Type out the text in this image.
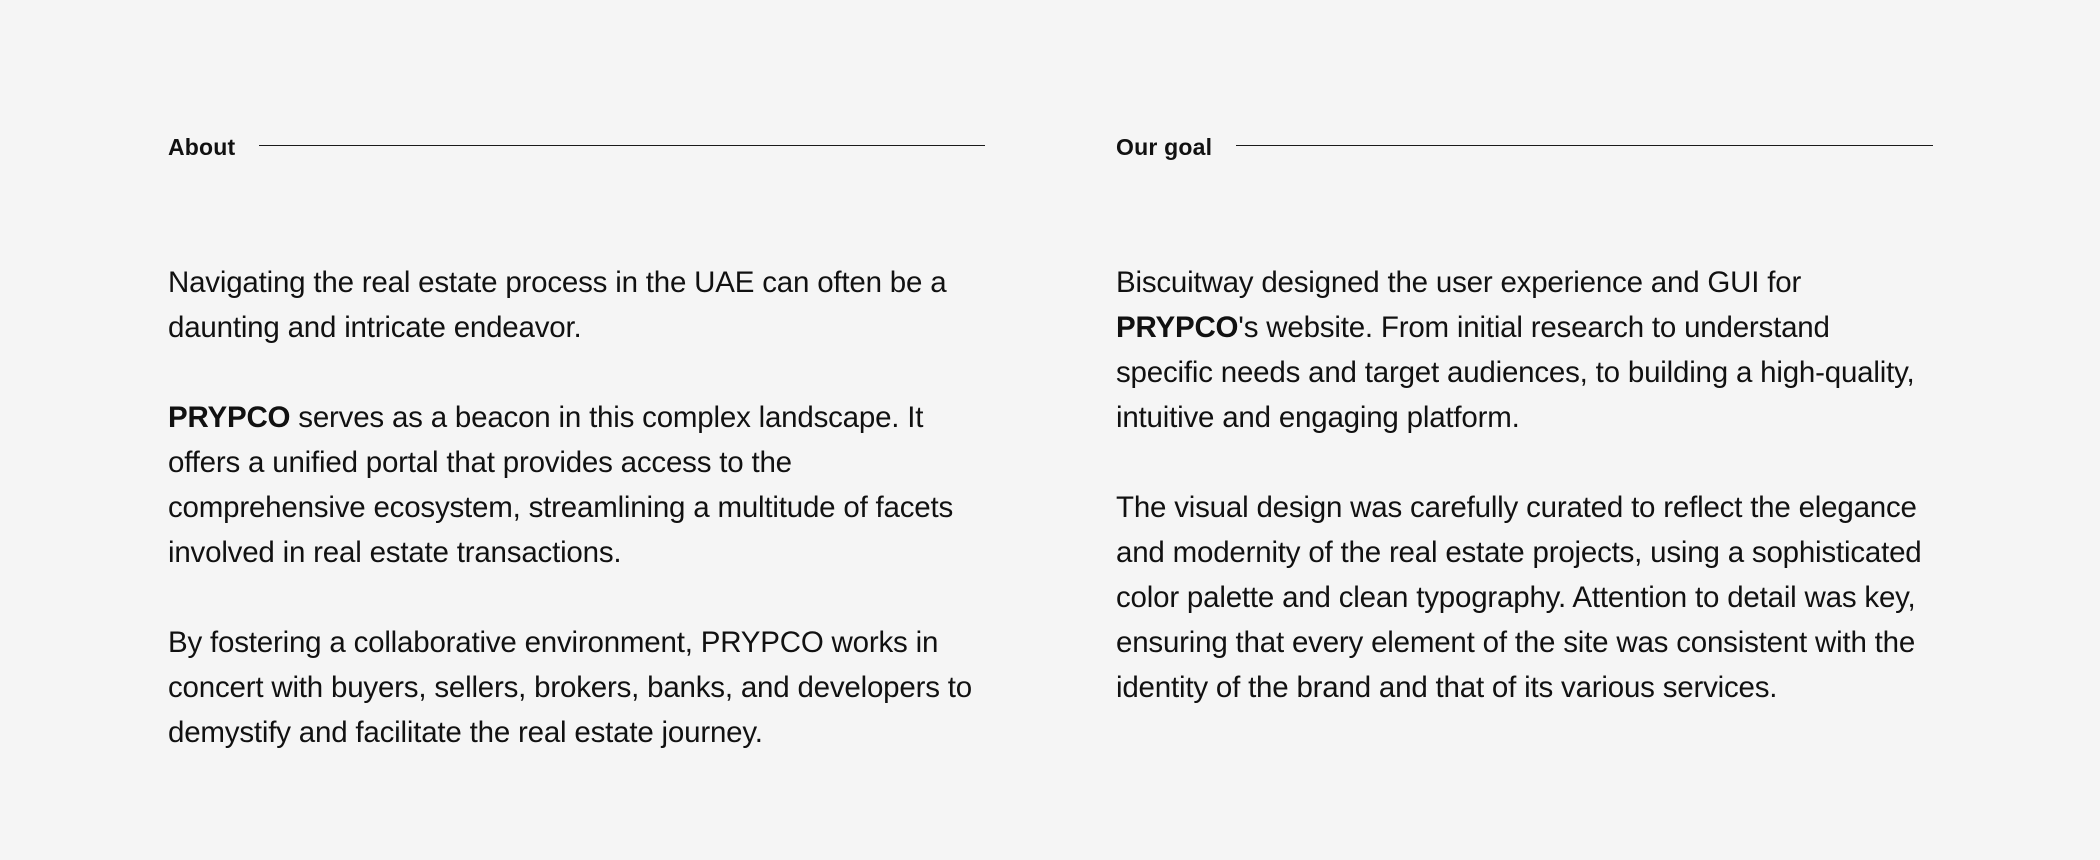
About

Navigating the real estate process in the UAE can often be a daunting and intricate endeavor.

PRYPCO serves as a beacon in this complex landscape. It offers a unified portal that provides access to the comprehensive ecosystem, streamlining a multitude of facets involved in real estate transactions.

By fostering a collaborative environment, PRYPCO works in concert with buyers, sellers, brokers, banks, and developers to demystify and facilitate the real estate journey.

Our goal

Biscuitway designed the user experience and GUI for PRYPCO's website. From initial research to understand specific needs and target audiences, to building a high-quality, intuitive and engaging platform.

The visual design was carefully curated to reflect the elegance and modernity of the real estate projects, using a sophisticated color palette and clean typography. Attention to detail was key, ensuring that every element of the site was consistent with the identity of the brand and that of its various services.
